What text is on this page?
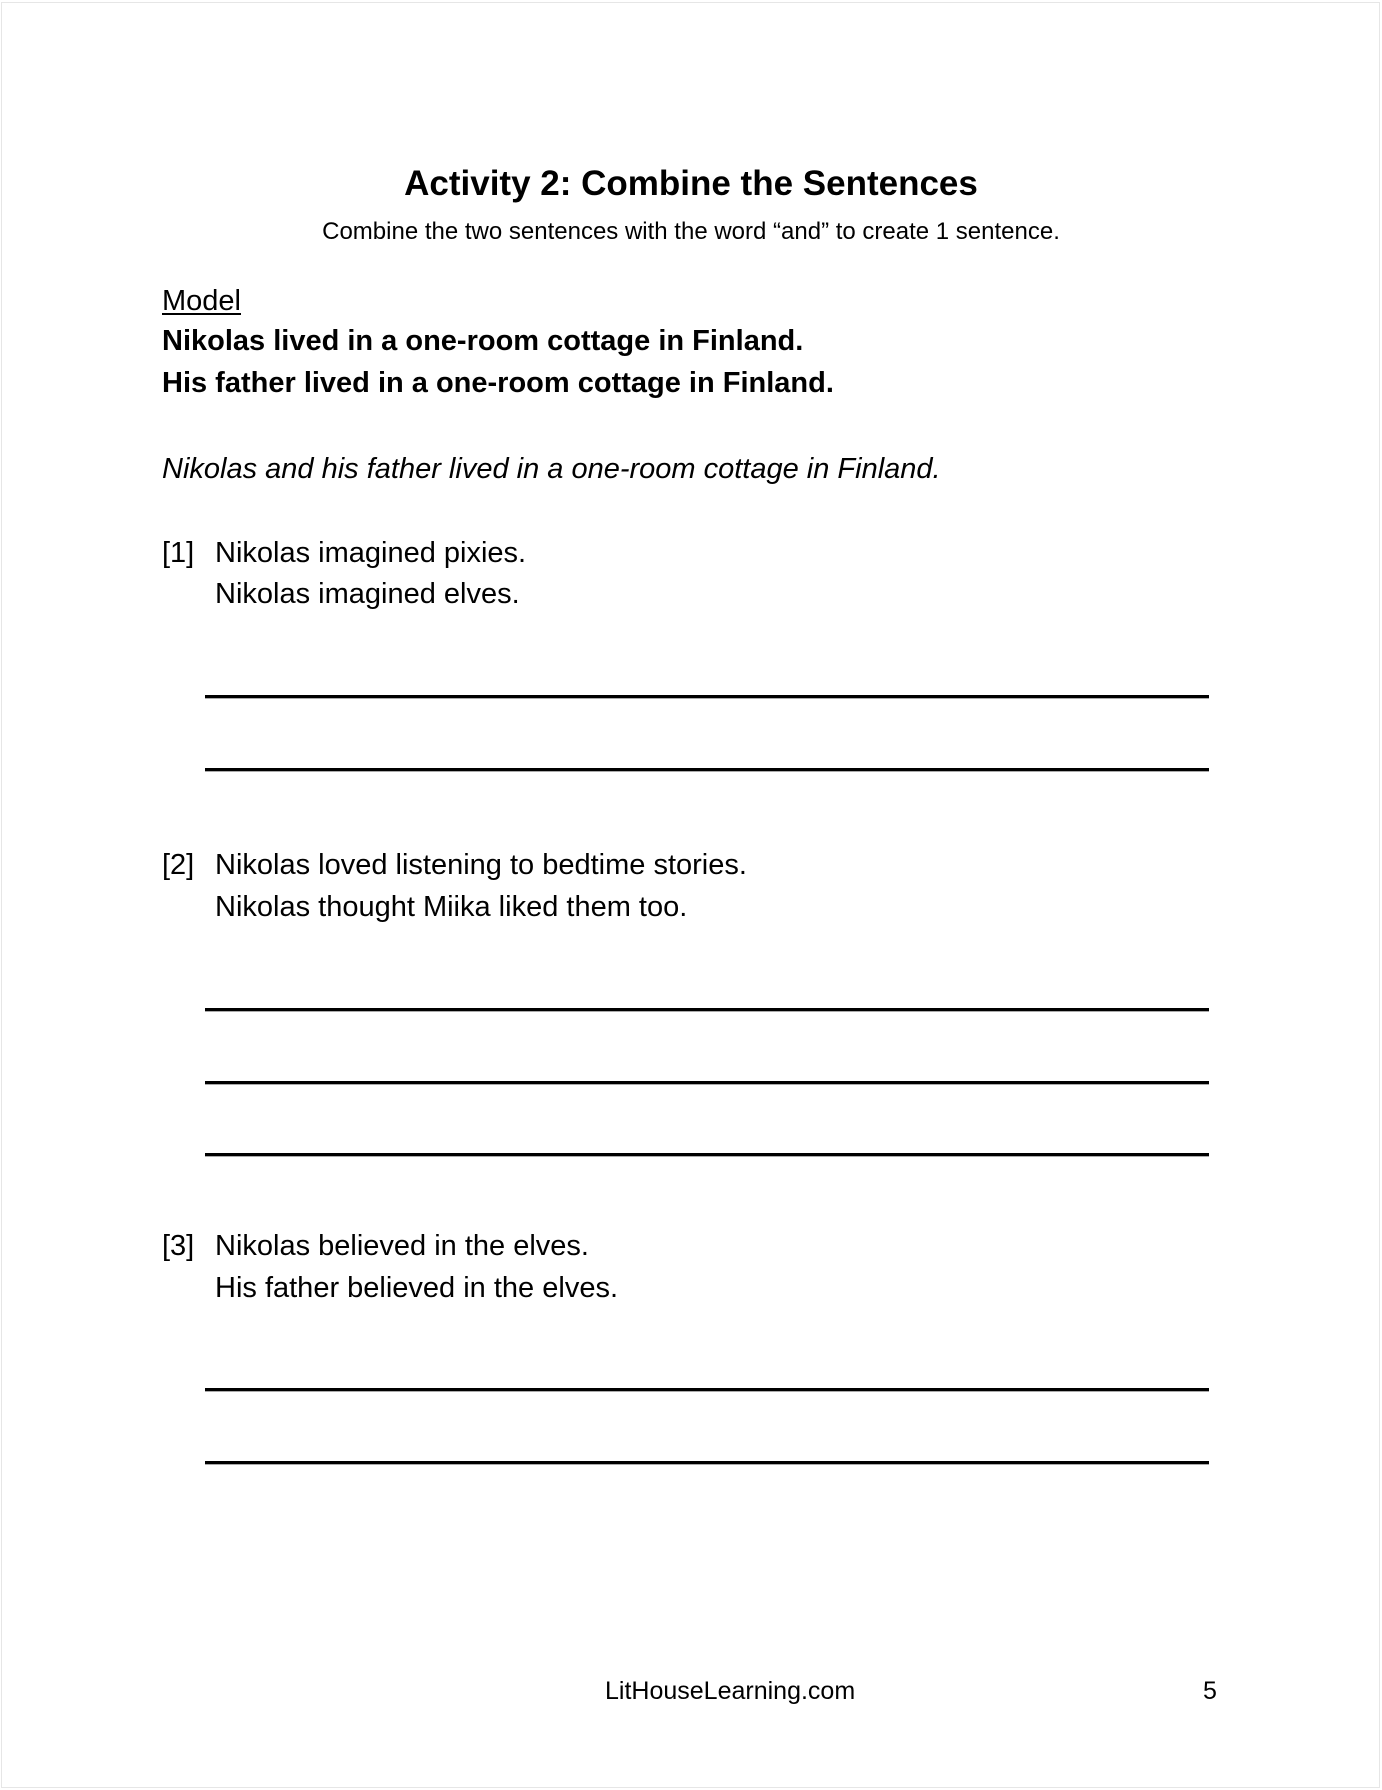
Activity 2: Combine the Sentences
Combine the two sentences with the word “and” to create 1 sentence.
Model
Nikolas lived in a one-room cottage in Finland.
His father lived in a one-room cottage in Finland.
Nikolas and his father lived in a one-room cottage in Finland.
[1] Nikolas imagined pixies.
Nikolas imagined elves.
[2] Nikolas loved listening to bedtime stories.
Nikolas thought Miika liked them too.
[3] Nikolas believed in the elves.
His father believed in the elves.
LitHouseLearning.com	5
